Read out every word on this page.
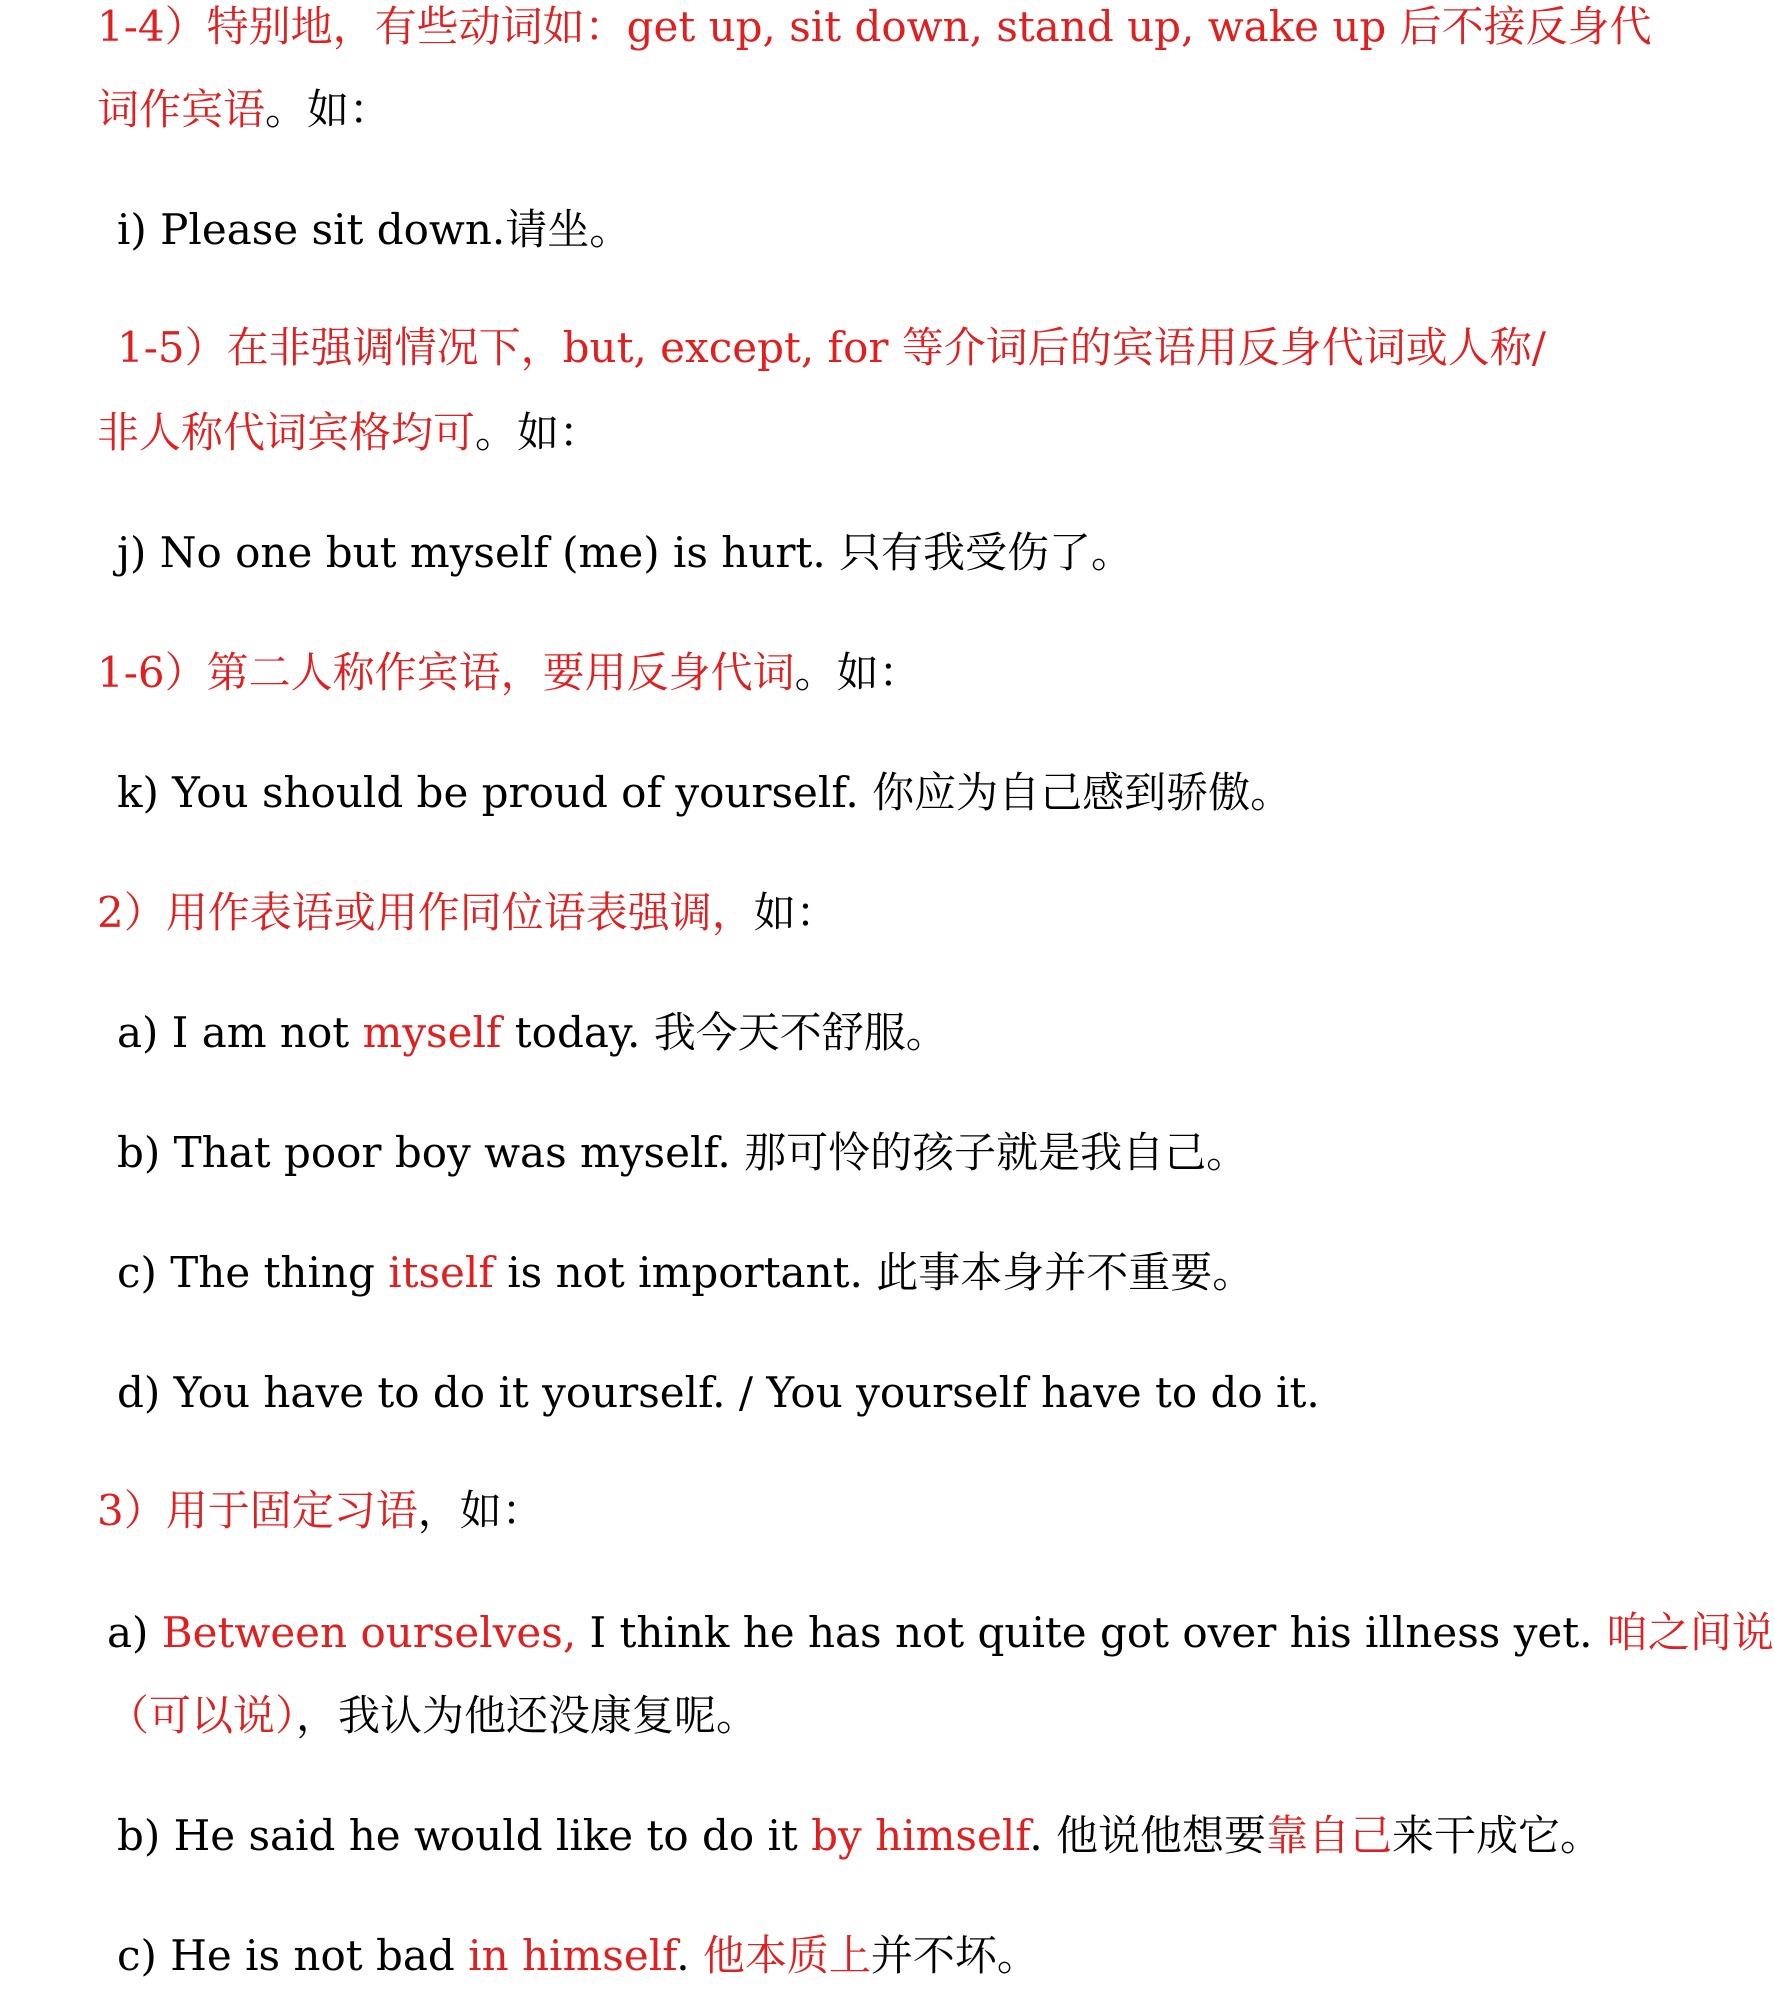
1-4）特别地，有些动词如：get up, sit down, stand up, wake up 后不接反身代
词作宾语。如：
i) Please sit down.请坐。
1-5）在非强调情况下，but, except, for 等介词后的宾语用反身代词或人称/
非人称代词宾格均可。如：
j) No one but myself (me) is hurt. 只有我受伤了。
1-6）第二人称作宾语，要用反身代词。如：
k) You should be proud of yourself. 你应为自己感到骄傲。
2）用作表语或用作同位语表强调，如：
a) I am not myself today. 我今天不舒服。
b) That poor boy was myself. 那可怜的孩子就是我自己。
c) The thing itself is not important. 此事本身并不重要。
d) You have to do it yourself. / You yourself have to do it.
3）用于固定习语，如：
a) Between ourselves, I think he has not quite got over his illness yet. 咱之间说
（可以说），我认为他还没康复呢。
b) He said he would like to do it by himself. 他说他想要靠自己来干成它。
c) He is not bad in himself. 他本质上并不坏。
